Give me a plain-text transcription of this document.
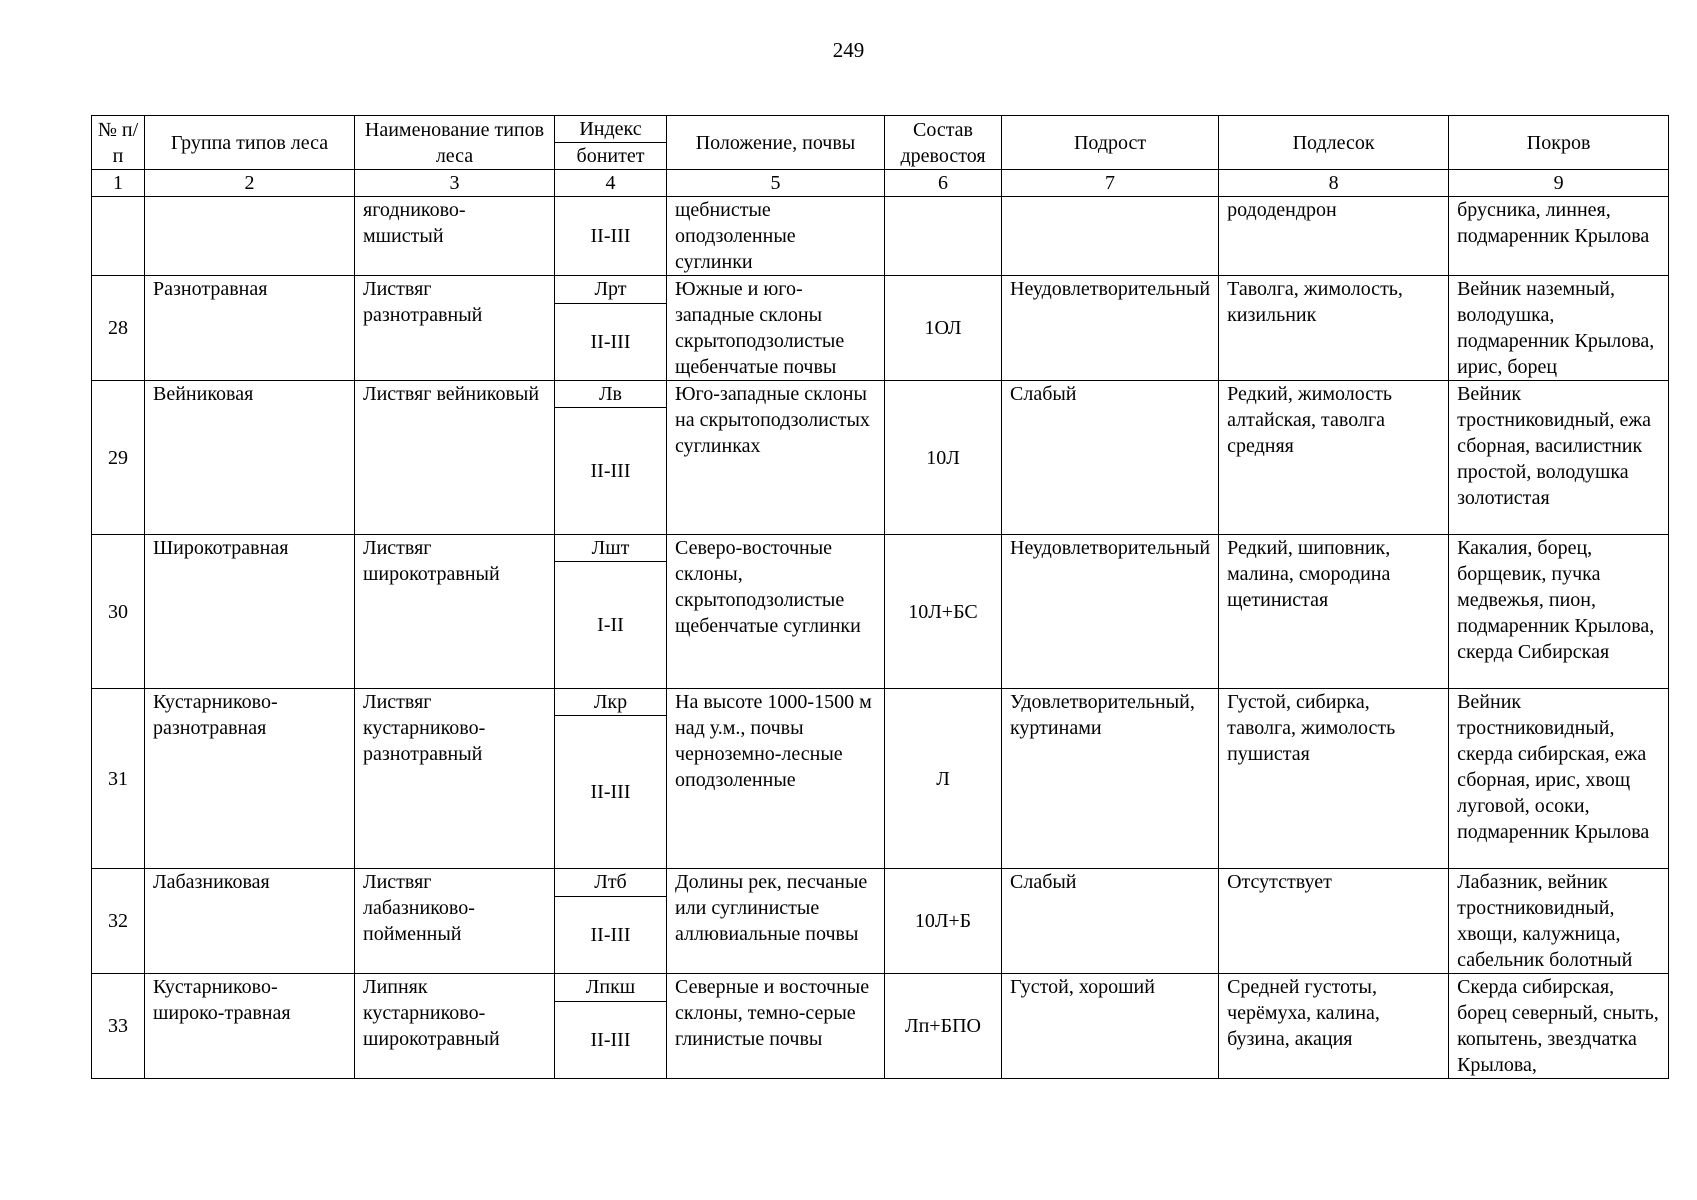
249
№ п/п	Группа типов леса	Наименование типов леса	Индекс	Положение, почвы	Состав древостоя	Подрост	Подлесок	Покров
			бонитет					
1	2	3	4	5	6	7	8	9
		ягодниково-мшистый	II-III	щебнистые оподзоленные суглинки			рододендрон	брусника, линнея, подмаренник Крылова
28	Разнотравная	Листвяг разнотравный	Лрт	Южные и юго-западные склоны скрытоподзолистые щебенчатые почвы	1ОЛ	Неудовлетворительный	Таволга, жимолость, кизильник	Вейник наземный, володушка, подмаренник Крылова, ирис, борец
			II-III					
29	Вейниковая	Листвяг вейниковый	Лв	Юго-западные склоны на скрытоподзолистых суглинках	10Л	Слабый	Редкий, жимолость алтайская, таволга средняя	Вейник тростниковидный, ежа сборная, василистник простой, володушка золотистая
			II-III					
30	Широкотравная	Листвяг широкотравный	Лшт	Северо-восточные склоны, скрытоподзолистые щебенчатые суглинки	10Л+БС	Неудовлетворительный	Редкий, шиповник, малина, смородина щетинистая	Какалия, борец, борщевик, пучка медвежья, пион, подмаренник Крылова, скерда Сибирская
			I-II					
31	Кустарниково-разнотравная	Листвяг кустарниково-разнотравный	Лкр	На высоте 1000-1500 м над у.м., почвы черноземно-лесные оподзоленные	Л	Удовлетворительный, куртинами	Густой, сибирка, таволга, жимолость пушистая	Вейник тростниковидный, скерда сибирская, ежа сборная, ирис, хвощ луговой, осоки, подмаренник Крылова
			II-III					
32	Лабазниковая	Листвяг лабазниково-пойменный	Лтб	Долины рек, песчаные или суглинистые аллювиальные почвы	10Л+Б	Слабый	Отсутствует	Лабазник, вейник тростниковидный, хвощи, калужница, сабельник болотный
			II-III					
33	Кустарниково-широко-травная	Липняк кустарниково-широкотравный	Лпкш	Северные и восточные склоны, темно-серые глинистые почвы	Лп+БПО	Густой, хороший	Средней густоты, черёмуха, калина, бузина, акация	Скерда сибирская, борец северный, сныть, копытень, звездчатка Крылова,
			II-III					
